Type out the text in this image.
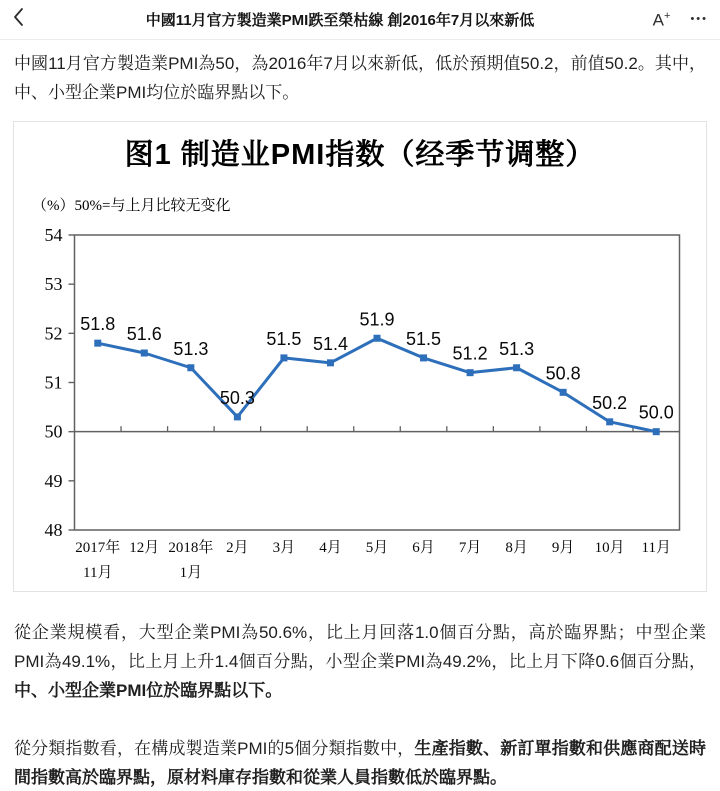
中國11月官方製造業PMI跌至榮枯線 創2016年7月以來新低	A+ •••

中國11月官方製造業PMI為50，為2016年7月以來新低，低於預期值50.2，前值50.2。其中，中、小型企業PMI均位於臨界點以下。

图1 制造业PMI指数（经季节调整）
（%）50%=与上月比较无变化
54
53
52
51
50
49
48
51.8 51.6
51.3
50.3
51.5 51.4
51.9
51.5
51.2 51.3
50.8
50.2 50.0
2017年
11月
12月 2018年
1月
2月 3月 4月 5月 6月 7月 8月 9月 10月 11月

從企業規模看，大型企業PMI為50.6%，比上月回落1.0個百分點，高於臨界點；中型企業PMI為49.1%，比上月上升1.4個百分點，小型企業PMI為49.2%，比上月下降0.6個百分點，中、小型企業PMI位於臨界點以下。

從分類指數看，在構成製造業PMI的5個分類指數中，生產指數、新訂單指數和供應商配送時間指數高於臨界點，原材料庫存指數和從業人員指數低於臨界點。
